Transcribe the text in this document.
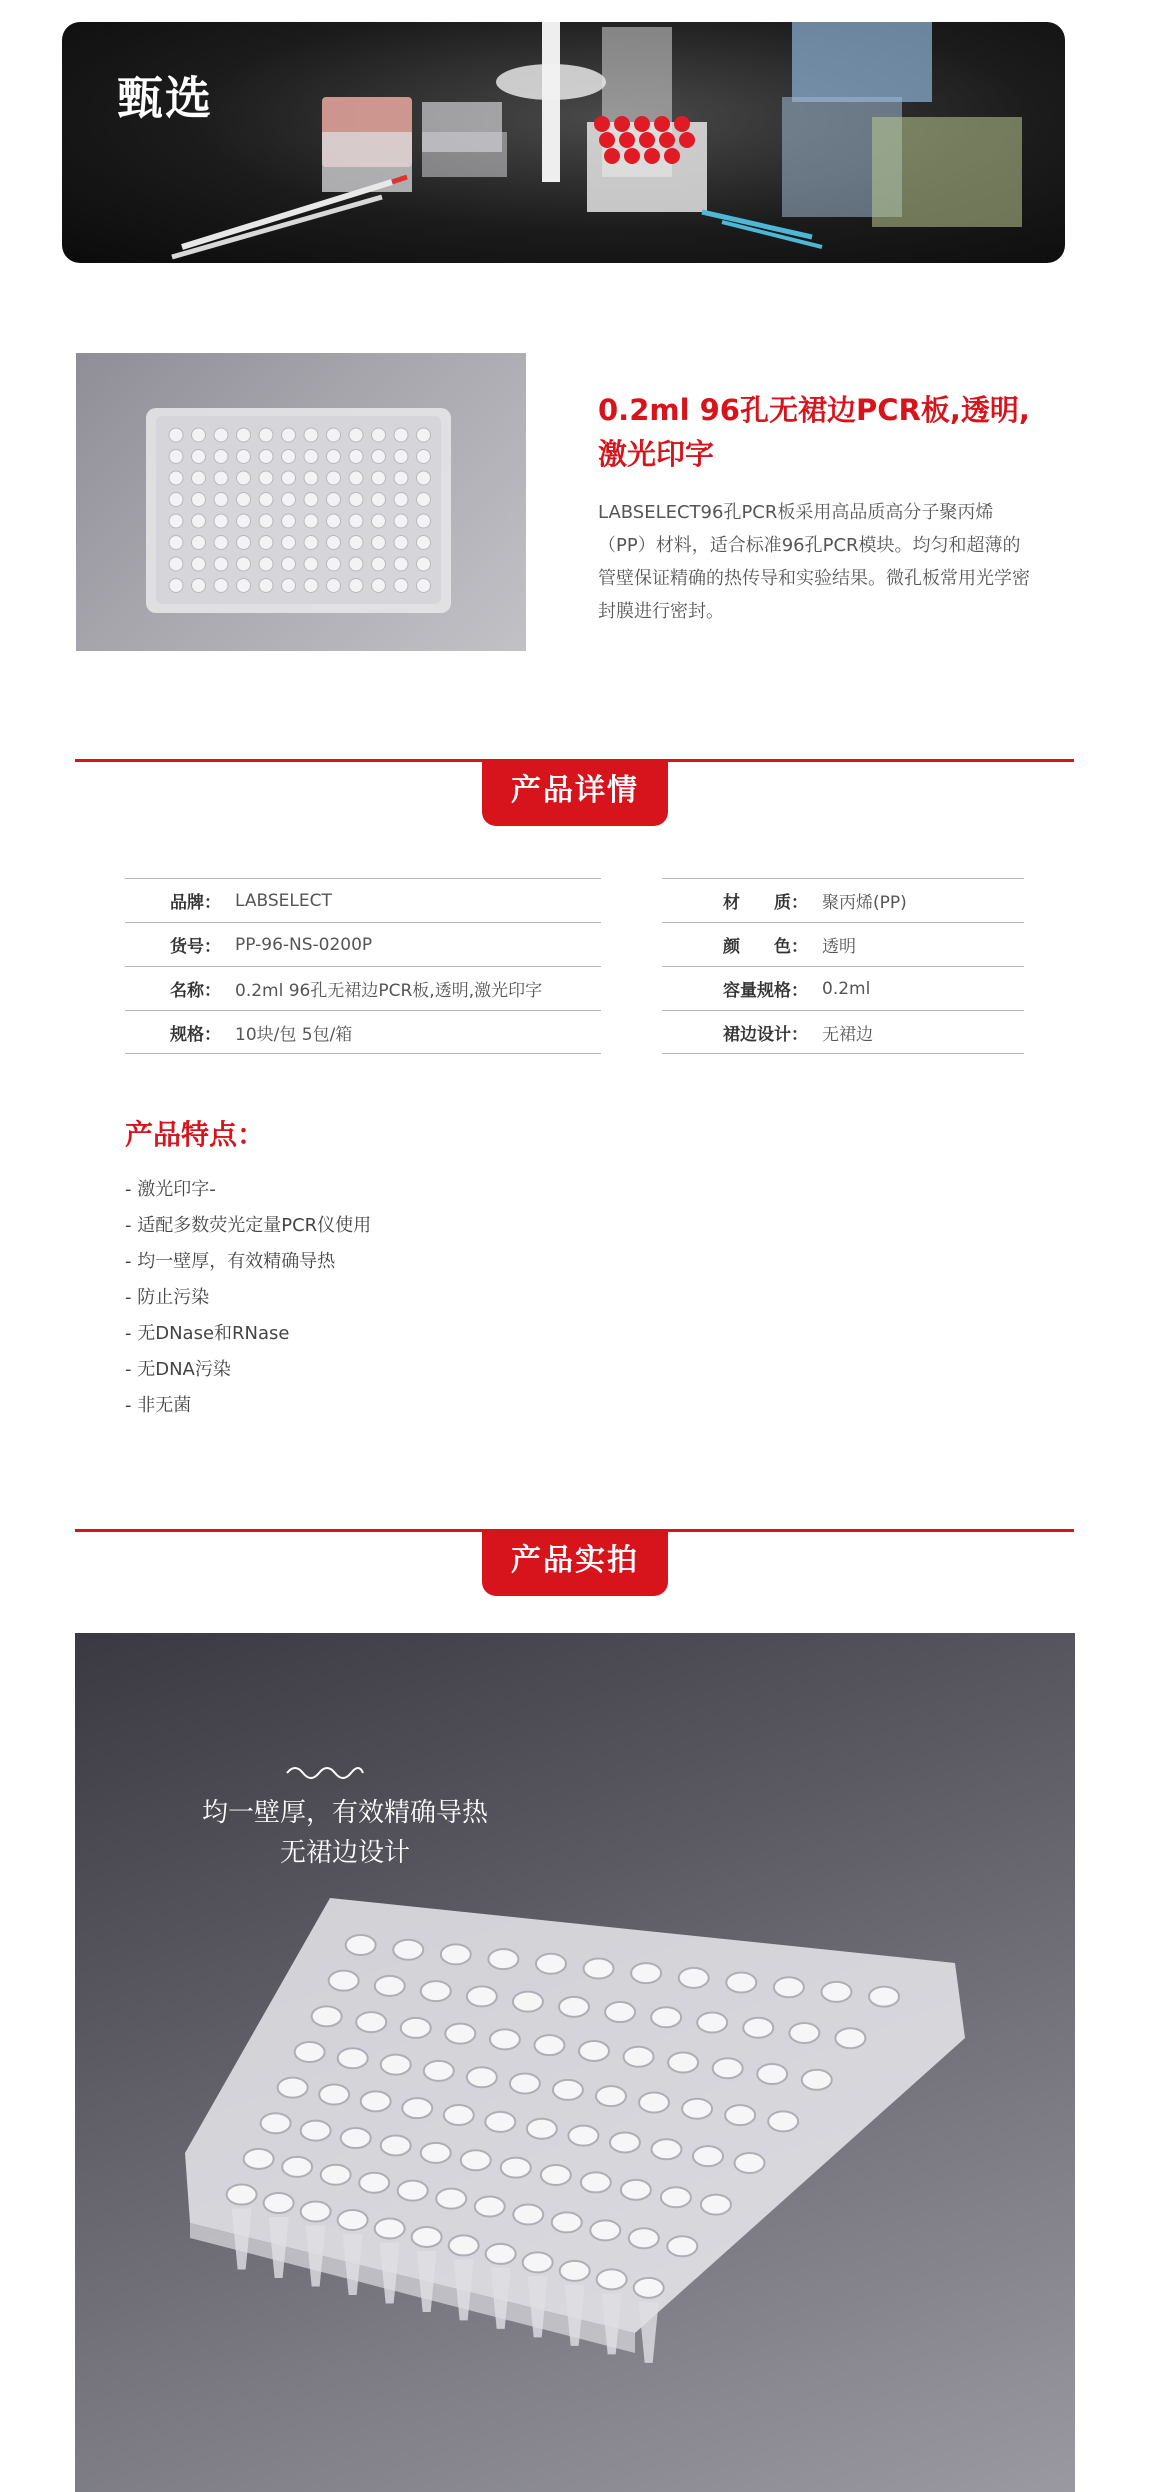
甄选
0.2ml 96孔无裙边PCR板,透明,激光印字
LABSELECT96孔PCR板采用高品质高分子聚丙烯（PP）材料，适合标准96孔PCR模块。均匀和超薄的管壁保证精确的热传导和实验结果。微孔板常用光学密封膜进行密封。
产品详情
品牌： LABSELECT
货号： PP-96-NS-0200P
名称： 0.2ml 96孔无裙边PCR板,透明,激光印字
规格： 10块/包 5包/箱
材　　质： 聚丙烯(PP)
颜　　色： 透明
容量规格： 0.2ml
裙边设计： 无裙边
产品特点：
- 激光印字-
- 适配多数荧光定量PCR仪使用
- 均一壁厚，有效精确导热
- 防止污染
- 无DNase和RNase
- 无DNA污染
- 非无菌
产品实拍
均一壁厚，有效精确导热
无裙边设计
